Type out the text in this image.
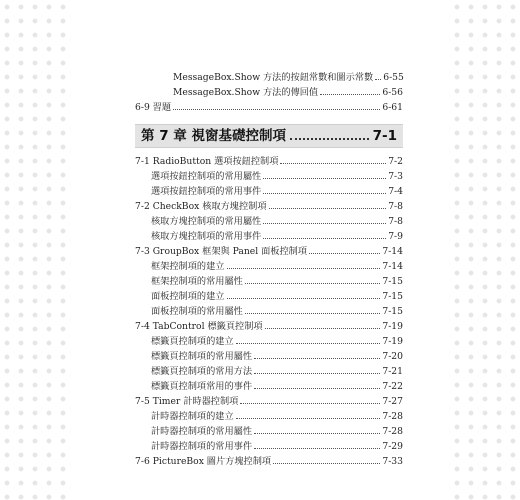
MessageBox.Show 方法的按鈕常數和圖示常數 6-55
MessageBox.Show 方法的傳回值	6-56
6-9 習題	6-61
第 7 章 視窗基礎控制項	7-1
7-1 RadioButton 選項按鈕控制項	7-2
選項按鈕控制項的常用屬性	7-3
選項按鈕控制項的常用事件	7-4
7-2 CheckBox 核取方塊控制項	7-8
核取方塊控制項的常用屬性	7-8
核取方塊控制項的常用事件	7-9
7-3 GroupBox 框架與 Panel 面板控制項	7-14
框架控制項的建立	7-14
框架控制項的常用屬性	7-15
面板控制項的建立	7-15
面板控制項的常用屬性	7-15
7-4 TabControl 標籤頁控制項	7-19
標籤頁控制項的建立	7-19
標籤頁控制項的常用屬性	7-20
標籤頁控制項的常用方法	7-21
標籤頁控制項常用的事件	7-22
7-5 Timer 計時器控制項	7-27
計時器控制項的建立	7-28
計時器控制項的常用屬性	7-28
計時器控制項的常用事件	7-29
7-6 PictureBox 圖片方塊控制項	7-33
